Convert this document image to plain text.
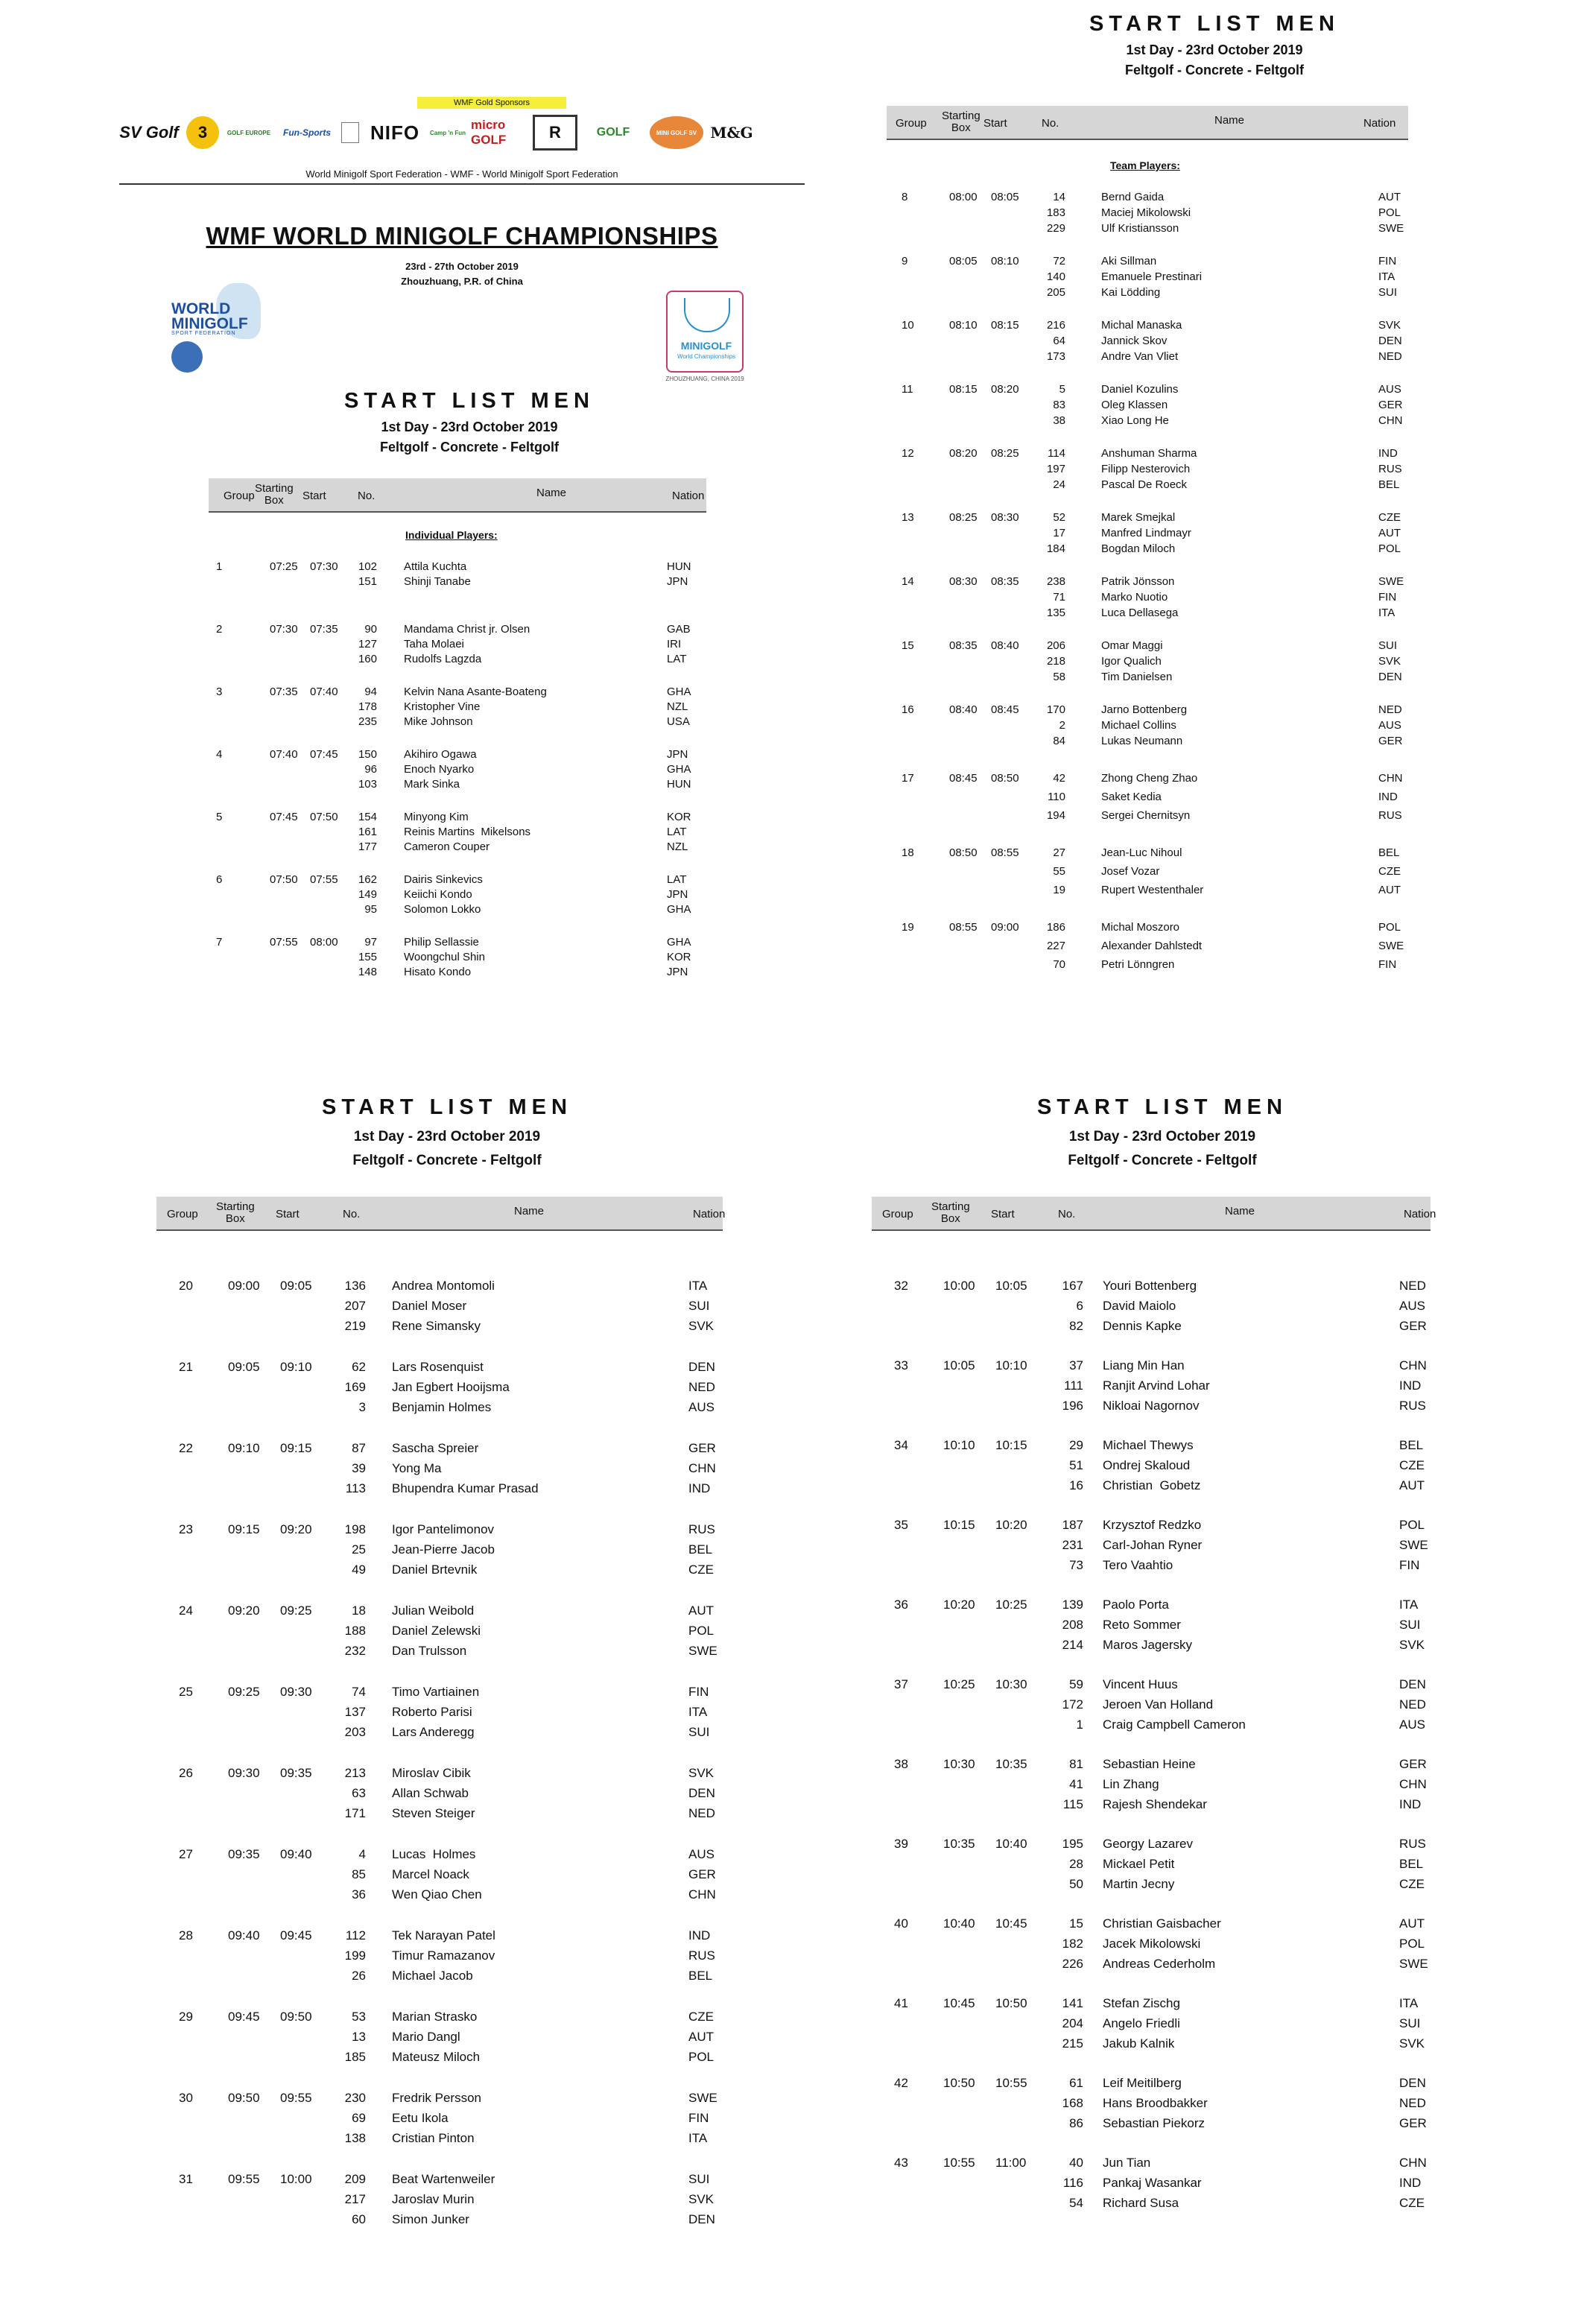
WMF Gold Sponsors
SV Golf	3	GOLF EUROPE	Fun-Sports	NIFO	Camp 'n Fun
micro GOLF	R	GOLF	MINI GOLF SV M&G
World Minigolf Sport Federation - WMF - World Minigolf Sport Federation
WMF WORLD MINIGOLF CHAMPIONSHIPS
23rd - 27th October 2019
Zhouzhuang, P.R. of China
WORLD
MINIGOLF
SPORT FEDERATION
MINIGOLF
World Championships
ZHOUZHUANG, CHINA 2019
START LIST MEN
1st Day - 23rd October 2019
Feltgolf - Concrete - Feltgolf
Group
Starting
Box	Start	No.	Name	Nation
Individual Players:
1	07:25 07:30 102 Attila Kuchta	HUN
151 Shinji Tanabe	JPN
2	07:30 07:35 90 Mandama Christ jr. Olsen	GAB
127 Taha Molaei	IRI
160 Rudolfs Lagzda	LAT
3	07:35 07:40 94 Kelvin Nana Asante-Boateng	GHA
178 Kristopher Vine	NZL
235 Mike Johnson	USA
4	07:40 07:45 150 Akihiro Ogawa	JPN
96 Enoch Nyarko	GHA
103 Mark Sinka	HUN
5	07:45 07:50 154 Minyong Kim	KOR
161 Reinis Martins  Mikelsons	LAT
177 Cameron Couper	NZL
6	07:50 07:55 162 Dairis Sinkevics	LAT
149 Keiichi Kondo	JPN
95 Solomon Lokko	GHA
7	07:55 08:00 97 Philip Sellassie	GHA
155 Woongchul Shin	KOR
148 Hisato Kondo	JPN
START LIST MEN
1st Day - 23rd October 2019
Feltgolf - Concrete - Feltgolf
Group
Starting
Box	Start	No.	Name	Nation
Team Players:
8	08:00 08:05	14	Bernd Gaida	AUT
183	Maciej Mikolowski	POL
229	Ulf Kristiansson	SWE
9	08:05 08:10	72	Aki Sillman	FIN
140	Emanuele Prestinari	ITA
205	Kai Lödding	SUI
10	08:10 08:15 216	Michal Manaska	SVK
64	Jannick Skov	DEN
173	Andre Van Vliet	NED
11	08:15 08:20	5	Daniel Kozulins	AUS
83	Oleg Klassen	GER
38	Xiao Long He	CHN
12	08:20 08:25	114	Anshuman Sharma	IND
197	Filipp Nesterovich	RUS
24	Pascal De Roeck	BEL
13	08:25 08:30	52	Marek Smejkal	CZE
17	Manfred Lindmayr	AUT
184	Bogdan Miloch	POL
14	08:30 08:35 238	Patrik Jönsson	SWE
71	Marko Nuotio	FIN
135	Luca Dellasega	ITA
15	08:35 08:40 206	Omar Maggi	SUI
218	Igor Qualich	SVK
58	Tim Danielsen	DEN
16	08:40 08:45 170	Jarno Bottenberg	NED
2	Michael Collins	AUS
84	Lukas Neumann	GER
17	08:45 08:50	42	Zhong Cheng Zhao	CHN
110	Saket Kedia	IND
194	Sergei Chernitsyn	RUS
18	08:50 08:55	27	Jean-Luc Nihoul	BEL
55	Josef Vozar	CZE
19	Rupert Westenthaler	AUT
19	08:55 09:00 186	Michal Moszoro	POL
227	Alexander Dahlstedt	SWE
70	Petri Lönngren	FIN
START LIST MEN
1st Day - 23rd October 2019
Feltgolf - Concrete - Feltgolf
Group
Starting
Box	Start	No.	Name	Nation
20	09:00 09:05	136 Andrea Montomoli	ITA
207 Daniel Moser	SUI
219 Rene Simansky	SVK
21	09:05 09:10	62 Lars Rosenquist	DEN
169 Jan Egbert Hooijsma	NED
3 Benjamin Holmes	AUS
22	09:10 09:15	87 Sascha Spreier	GER
39 Yong Ma	CHN
113 Bhupendra Kumar Prasad	IND
23	09:15 09:20	198 Igor Pantelimonov	RUS
25 Jean-Pierre Jacob	BEL
49 Daniel Brtevnik	CZE
24	09:20 09:25	18 Julian Weibold	AUT
188 Daniel Zelewski	POL
232 Dan Trulsson	SWE
25	09:25 09:30	74 Timo Vartiainen	FIN
137 Roberto Parisi	ITA
203 Lars Anderegg	SUI
26	09:30 09:35	213 Miroslav Cibik	SVK
63 Allan Schwab	DEN
171 Steven Steiger	NED
27	09:35 09:40	4 Lucas  Holmes	AUS
85 Marcel Noack	GER
36 Wen Qiao Chen	CHN
28	09:40 09:45	112 Tek Narayan Patel	IND
199 Timur Ramazanov	RUS
26 Michael Jacob	BEL
29	09:45 09:50	53 Marian Strasko	CZE
13 Mario Dangl	AUT
185 Mateusz Miloch	POL
30	09:50 09:55	230 Fredrik Persson	SWE
69 Eetu Ikola	FIN
138 Cristian Pinton	ITA
31	09:55 10:00	209 Beat Wartenweiler	SUI
217 Jaroslav Murin	SVK
60 Simon Junker	DEN
START LIST MEN
1st Day - 23rd October 2019
Feltgolf - Concrete - Feltgolf
Group
Starting
Box	Start	No.	Name	Nation
32	10:00 10:05	167 Youri Bottenberg	NED
6 David Maiolo	AUS
82 Dennis Kapke	GER
33	10:05 10:10	37 Liang Min Han	CHN
111 Ranjit Arvind Lohar	IND
196 Nikloai Nagornov	RUS
34	10:10 10:15	29 Michael Thewys	BEL
51 Ondrej Skaloud	CZE
16 Christian  Gobetz	AUT
35	10:15 10:20	187 Krzysztof Redzko	POL
231 Carl-Johan Ryner	SWE
73 Tero Vaahtio	FIN
36	10:20 10:25	139 Paolo Porta	ITA
208 Reto Sommer	SUI
214 Maros Jagersky	SVK
37	10:25 10:30	59 Vincent Huus	DEN
172 Jeroen Van Holland	NED
1 Craig Campbell Cameron	AUS
38	10:30 10:35	81 Sebastian Heine	GER
41 Lin Zhang	CHN
115 Rajesh Shendekar	IND
39	10:35 10:40	195 Georgy Lazarev	RUS
28 Mickael Petit	BEL
50 Martin Jecny	CZE
40	10:40 10:45	15 Christian Gaisbacher	AUT
182 Jacek Mikolowski	POL
226 Andreas Cederholm	SWE
41	10:45 10:50	141 Stefan Zischg	ITA
204 Angelo Friedli	SUI
215 Jakub Kalnik	SVK
42	10:50 10:55	61 Leif Meitilberg	DEN
168 Hans Broodbakker	NED
86 Sebastian Piekorz	GER
43	10:55 11:00	40 Jun Tian	CHN
116 Pankaj Wasankar	IND
54 Richard Susa	CZE
